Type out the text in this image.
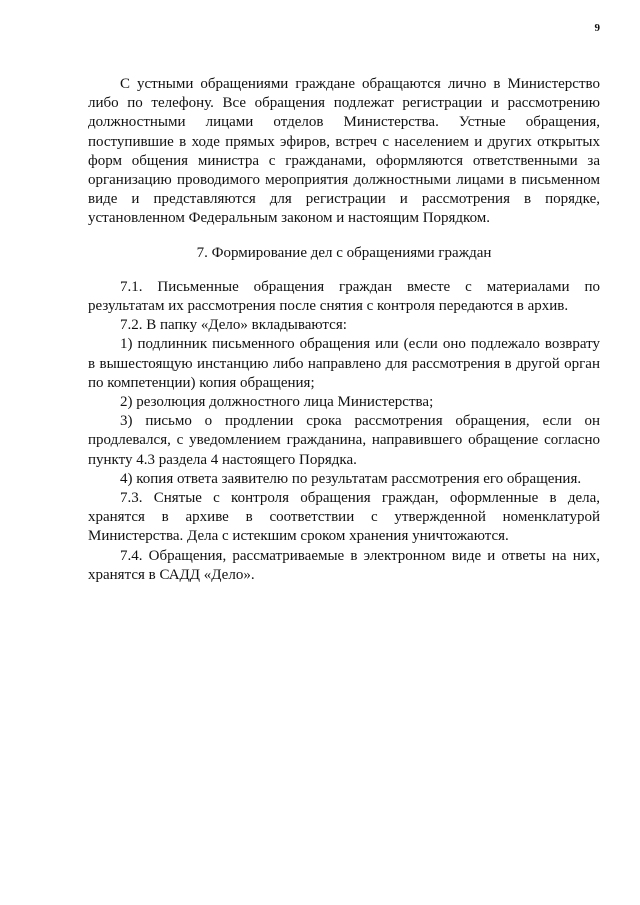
9

С устными обращениями граждане обращаются лично в Министерство либо по телефону. Все обращения подлежат регистрации и рассмотрению должностными лицами отделов Министерства. Устные обращения, поступившие в ходе прямых эфиров, встреч с населением и других открытых форм общения министра с гражданами, оформляются ответственными за организацию проводимого мероприятия должностными лицами в письменном виде и представляются для регистрации и рассмотрения в порядке, установленном Федеральным законом и настоящим Порядком.

7. Формирование дел с обращениями граждан

7.1. Письменные обращения граждан вместе с материалами по результатам их рассмотрения после снятия с контроля передаются в архив.

7.2. В папку «Дело» вкладываются:

1) подлинник письменного обращения или (если оно подлежало возврату в вышестоящую инстанцию либо направлено для рассмотрения в другой орган по компетенции) копия обращения;

2) резолюция должностного лица Министерства;

3) письмо о продлении срока рассмотрения обращения, если он продлевался, с уведомлением гражданина, направившего обращение согласно пункту 4.3 раздела 4 настоящего Порядка.

4) копия ответа заявителю по результатам рассмотрения его обращения.

7.3. Снятые с контроля обращения граждан, оформленные в дела, хранятся в архиве в соответствии с утвержденной номенклатурой Министерства. Дела с истекшим сроком хранения уничтожаются.

7.4. Обращения, рассматриваемые в электронном виде и ответы на них, хранятся в САДД «Дело».
